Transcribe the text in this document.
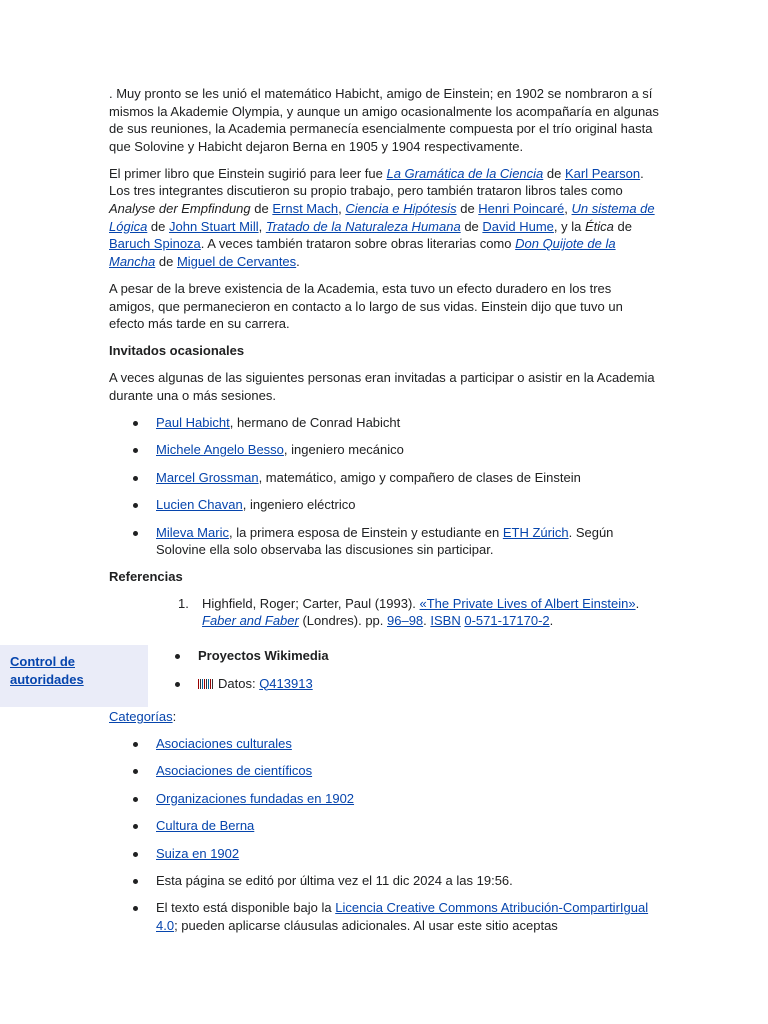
. Muy pronto se les unió el matemático Habicht, amigo de Einstein; en 1902 se nombraron a sí mismos la Akademie Olympia, y aunque un amigo ocasionalmente los acompañaría en algunas de sus reuniones, la Academia permanecía esencialmente compuesta por el trío original hasta que Solovine y Habicht dejaron Berna en 1905 y 1904 respectivamente.

El primer libro que Einstein sugirió para leer fue La Gramática de la Ciencia de Karl Pearson. Los tres integrantes discutieron su propio trabajo, pero también trataron libros tales como Analyse der Empfindung de Ernst Mach, Ciencia e Hipótesis de Henri Poincaré, Un sistema de Lógica de John Stuart Mill, Tratado de la Naturaleza Humana de David Hume, y la Ética de Baruch Spinoza. A veces también trataron sobre obras literarias como Don Quijote de la Mancha de Miguel de Cervantes.

A pesar de la breve existencia de la Academia, esta tuvo un efecto duradero en los tres amigos, que permanecieron en contacto a lo largo de sus vidas. Einstein dijo que tuvo un efecto más tarde en su carrera.

Invitados ocasionales

A veces algunas de las siguientes personas eran invitadas a participar o asistir en la Academia durante una o más sesiones.

Paul Habicht, hermano de Conrad Habicht
Michele Angelo Besso, ingeniero mecánico
Marcel Grossman, matemático, amigo y compañero de clases de Einstein
Lucien Chavan, ingeniero eléctrico
Mileva Maric, la primera esposa de Einstein y estudiante en ETH Zúrich. Según Solovine ella solo observaba las discusiones sin participar.
Referencias
1. Highfield, Roger; Carter, Paul (1993). «The Private Lives of Albert Einstein». Faber and Faber (Londres). pp. 96–98. ISBN 0-571-17170-2.
Control de autoridades
Proyectos Wikimedia
Datos: Q413913

Categorías:

Asociaciones culturales
Asociaciones de científicos
Organizaciones fundadas en 1902
Cultura de Berna
Suiza en 1902
Esta página se editó por última vez el 11 dic 2024 a las 19:56.
El texto está disponible bajo la Licencia Creative Commons Atribución-CompartirIgual 4.0; pueden aplicarse cláusulas adicionales. Al usar este sitio aceptas
